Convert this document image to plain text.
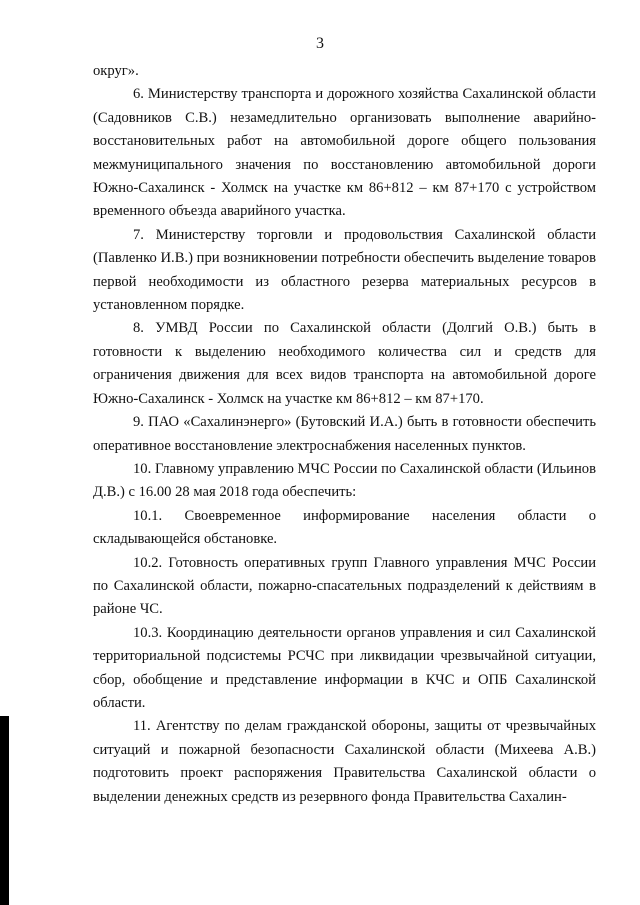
3

округ».

6. Министерству транспорта и дорожного хозяйства Сахалинской области (Садовников С.В.) незамедлительно организовать выполнение аварийно-восстановительных работ на автомобильной дороге общего пользования межмуниципального значения по восстановлению автомобильной дороги Южно-Сахалинск - Холмск на участке км 86+812 – км 87+170 с устройством временного объезда аварийного участка.

7. Министерству торговли и продовольствия Сахалинской области (Павленко И.В.) при возникновении потребности обеспечить выделение товаров первой необходимости из областного резерва материальных ресурсов в установленном порядке.

8. УМВД России по Сахалинской области (Долгий О.В.) быть в готовности к выделению необходимого количества сил и средств для ограничения движения для всех видов транспорта на автомобильной дороге Южно-Сахалинск - Холмск на участке км 86+812 – км 87+170.

9. ПАО «Сахалинэнерго» (Бутовский И.А.) быть в готовности обеспечить оперативное восстановление электроснабжения населенных пунктов.

10. Главному управлению МЧС России по Сахалинской области (Ильинов Д.В.) с 16.00 28 мая 2018 года обеспечить:

10.1. Своевременное информирование населения области о складывающейся обстановке.

10.2. Готовность оперативных групп Главного управления МЧС России по Сахалинской области, пожарно-спасательных подразделений к действиям в районе ЧС.

10.3. Координацию деятельности органов управления и сил Сахалинской территориальной подсистемы РСЧС при ликвидации чрезвычайной ситуации, сбор, обобщение и представление информации в КЧС и ОПБ Сахалинской области.

11. Агентству по делам гражданской обороны, защиты от чрезвычайных ситуаций и пожарной безопасности Сахалинской области (Михеева А.В.) подготовить проект распоряжения Правительства Сахалинской области о выделении денежных средств из резервного фонда Правительства Сахалин-
